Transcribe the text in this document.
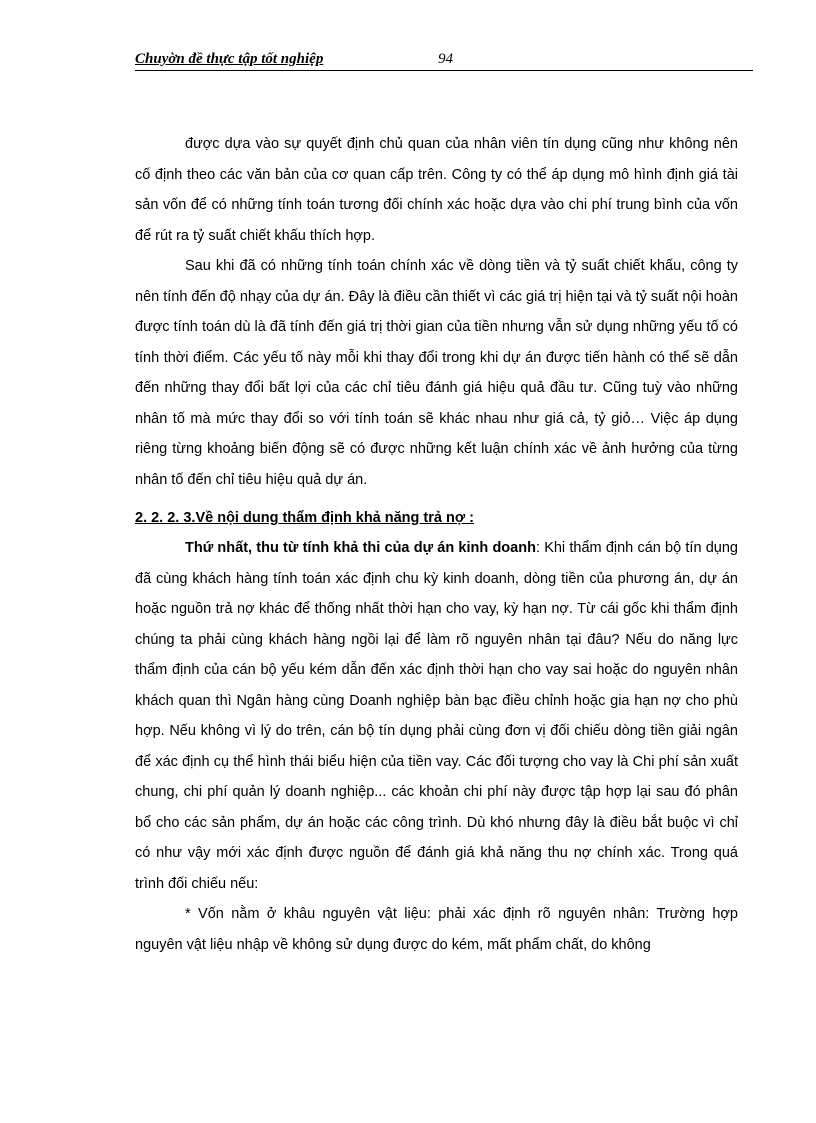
Chuyờn đề thực tập tốt nghiệp	94

được dựa vào sự quyết định chủ quan của nhân viên tín dụng cũng như không nên cố định theo các văn bản của cơ quan cấp trên. Công ty có thể áp dụng mô hình định giá tài sản vốn để có những tính toán tương đối chính xác hoặc dựa vào chi phí trung bình của vốn để rút ra tỷ suất chiết khấu thích hợp.

Sau khi đã có những tính toán chính xác về dòng tiền và tỷ suất chiết khấu, công ty nên tính đến độ nhạy của dự án. Đây là điều cần thiết vì các giá trị hiện tại và tỷ suất nội hoàn được tính toán dù là đã tính đến giá trị thời gian của tiền nhưng vẫn sử dụng những yếu tố có tính thời điểm. Các yếu tố này mỗi khi thay đổi trong khi dự án được tiến hành có thể sẽ dẫn đến những thay đổi bất lợi của các chỉ tiêu đánh giá hiệu quả đầu tư. Cũng tuỳ vào những nhân tố mà mức thay đổi so với tính toán sẽ khác nhau như giá cả, tỷ giỏ… Việc áp dụng riêng từng khoảng biến động sẽ có được những kết luận chính xác về ảnh hưởng của từng nhân tố đến chỉ tiêu hiệu quả dự án.

2. 2. 2. 3.Về nội dung thẩm định khả năng trả nợ :

Thứ nhất, thu từ tính khả thi của dự án kinh doanh: Khi thẩm định cán bộ tín dụng đã cùng khách hàng tính toán xác định chu kỳ kinh doanh, dòng tiền của phương án, dự án hoặc nguồn trả nợ khác để thống nhất thời hạn cho vay, kỳ hạn nợ. Từ cái gốc khi thẩm định chúng ta phải cùng khách hàng ngồi lại để làm rõ nguyên nhân tại đâu? Nếu do năng lực thẩm định của cán bộ yếu kém dẫn đến xác định thời hạn cho vay sai hoặc do nguyên nhân khách quan thì Ngân hàng cùng Doanh nghiệp bàn bạc điều chỉnh hoặc gia hạn nợ cho phù hợp. Nếu không vì lý do trên, cán bộ tín dụng phải cùng đơn vị đối chiếu dòng tiền giải ngân để xác định cụ thể hình thái biểu hiện của tiền vay. Các đối tượng cho vay là Chi phí sản xuất chung, chi phí quản lý doanh nghiệp... các khoản chi phí này được tập hợp lại sau đó phân bổ cho các sản phẩm, dự án hoặc các công trình. Dù khó nhưng đây là điều bắt buộc vì chỉ có như vậy mới xác định được nguồn để đánh giá khả năng thu nợ chính xác. Trong quá trình đối chiếu nếu:

* Vốn nằm ở khâu nguyên vật liệu: phải xác định rõ nguyên nhân: Trường hợp nguyên vật liệu nhập về không sử dụng được do kém, mất phẩm chất, do không
